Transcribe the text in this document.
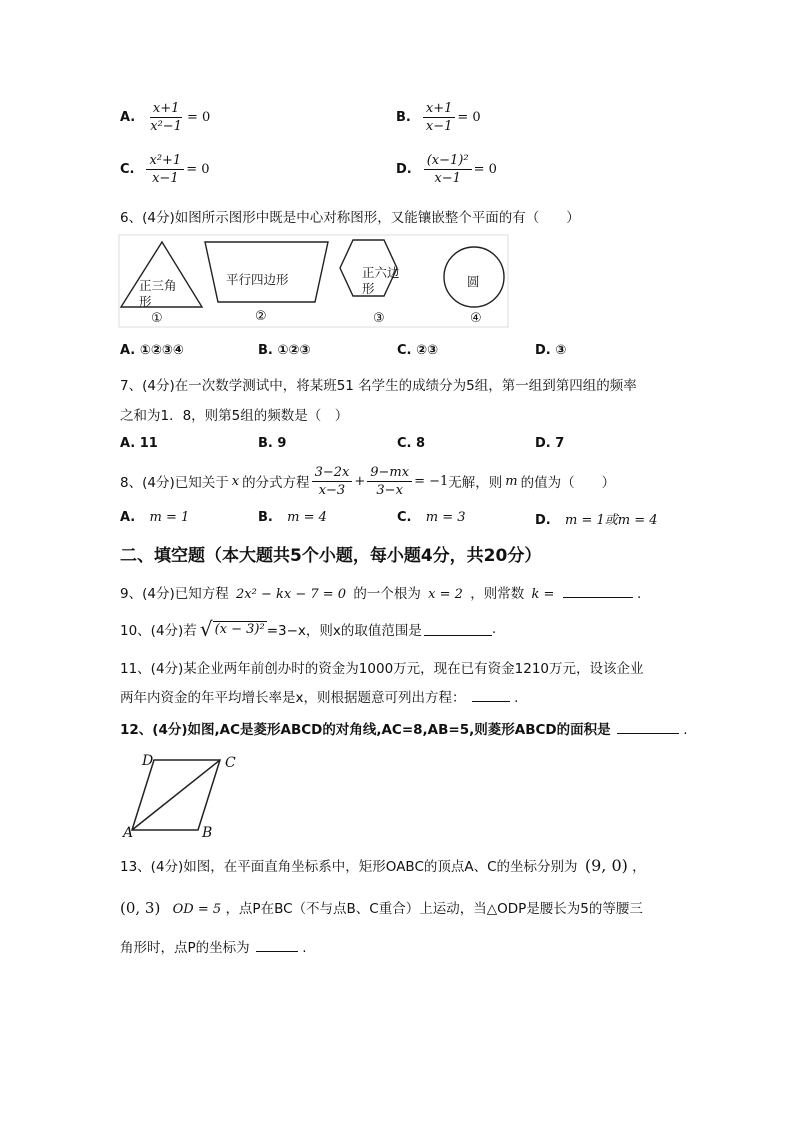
A. $\frac{x+1}{\text{x²−1}} = 0$	B. $\frac{x+1}{x-1} = 0$
C. $\frac{\text{x²+1}}{x-1} = 0$	D. $\frac{\text{(x−1)²}}{x-1} = 0$
6、(4分)如图所示图形中既是中心对称图形，又能镶嵌整个平面的有（　　）
正三角
形
平行四边形	正六边
形	圆
①	②	③	④
A. ①②③④	B. ①②③	C. ②③	D. ③
7、(4分)在一次数学测试中，将某班51 名学生的成绩分为5组，第一组到第四组的频率
之和为1．8，则第5组的频数是（　）
A. 11	B. 9	C. 8	D. 7
8、(4分)已知关于 x 的分式方程 $\frac{3-2x}{x-3} + \frac{9-mx}{3-x} = -1$ 无解，则 m 的值为（　　）
A. m = 1	B. m = 4	C. m = 3	D. m = 1或m = 4
二、填空题（本大题共5个小题，每小题4分，共20分）
9、(4分)已知方程 2x² − kx − 7 = 0 的一个根为 x = 2 ，则常数 k =	.
10、(4分)若 √ (x − 3)² =3−x，则x的取值范围是	.
11、(4分)某企业两年前创办时的资金为1000万元，现在已有资金1210万元，设该企业
两年内资金的年平均增长率是x，则根据题意可列出方程：	.
12、(4分)如图,AC是菱形ABCD的对角线,AC=8,AB=5,则菱形ABCD的面积是	.
D	C
A	B
13、(4分)如图，在平面直角坐标系中，矩形OABC的顶点A、C的坐标分别为 (9, 0) ，
(0, 3) OD = 5 ，点P在BC（不与点B、C重合）上运动，当△ODP是腰长为5的等腰三
角形时，点P的坐标为	.
